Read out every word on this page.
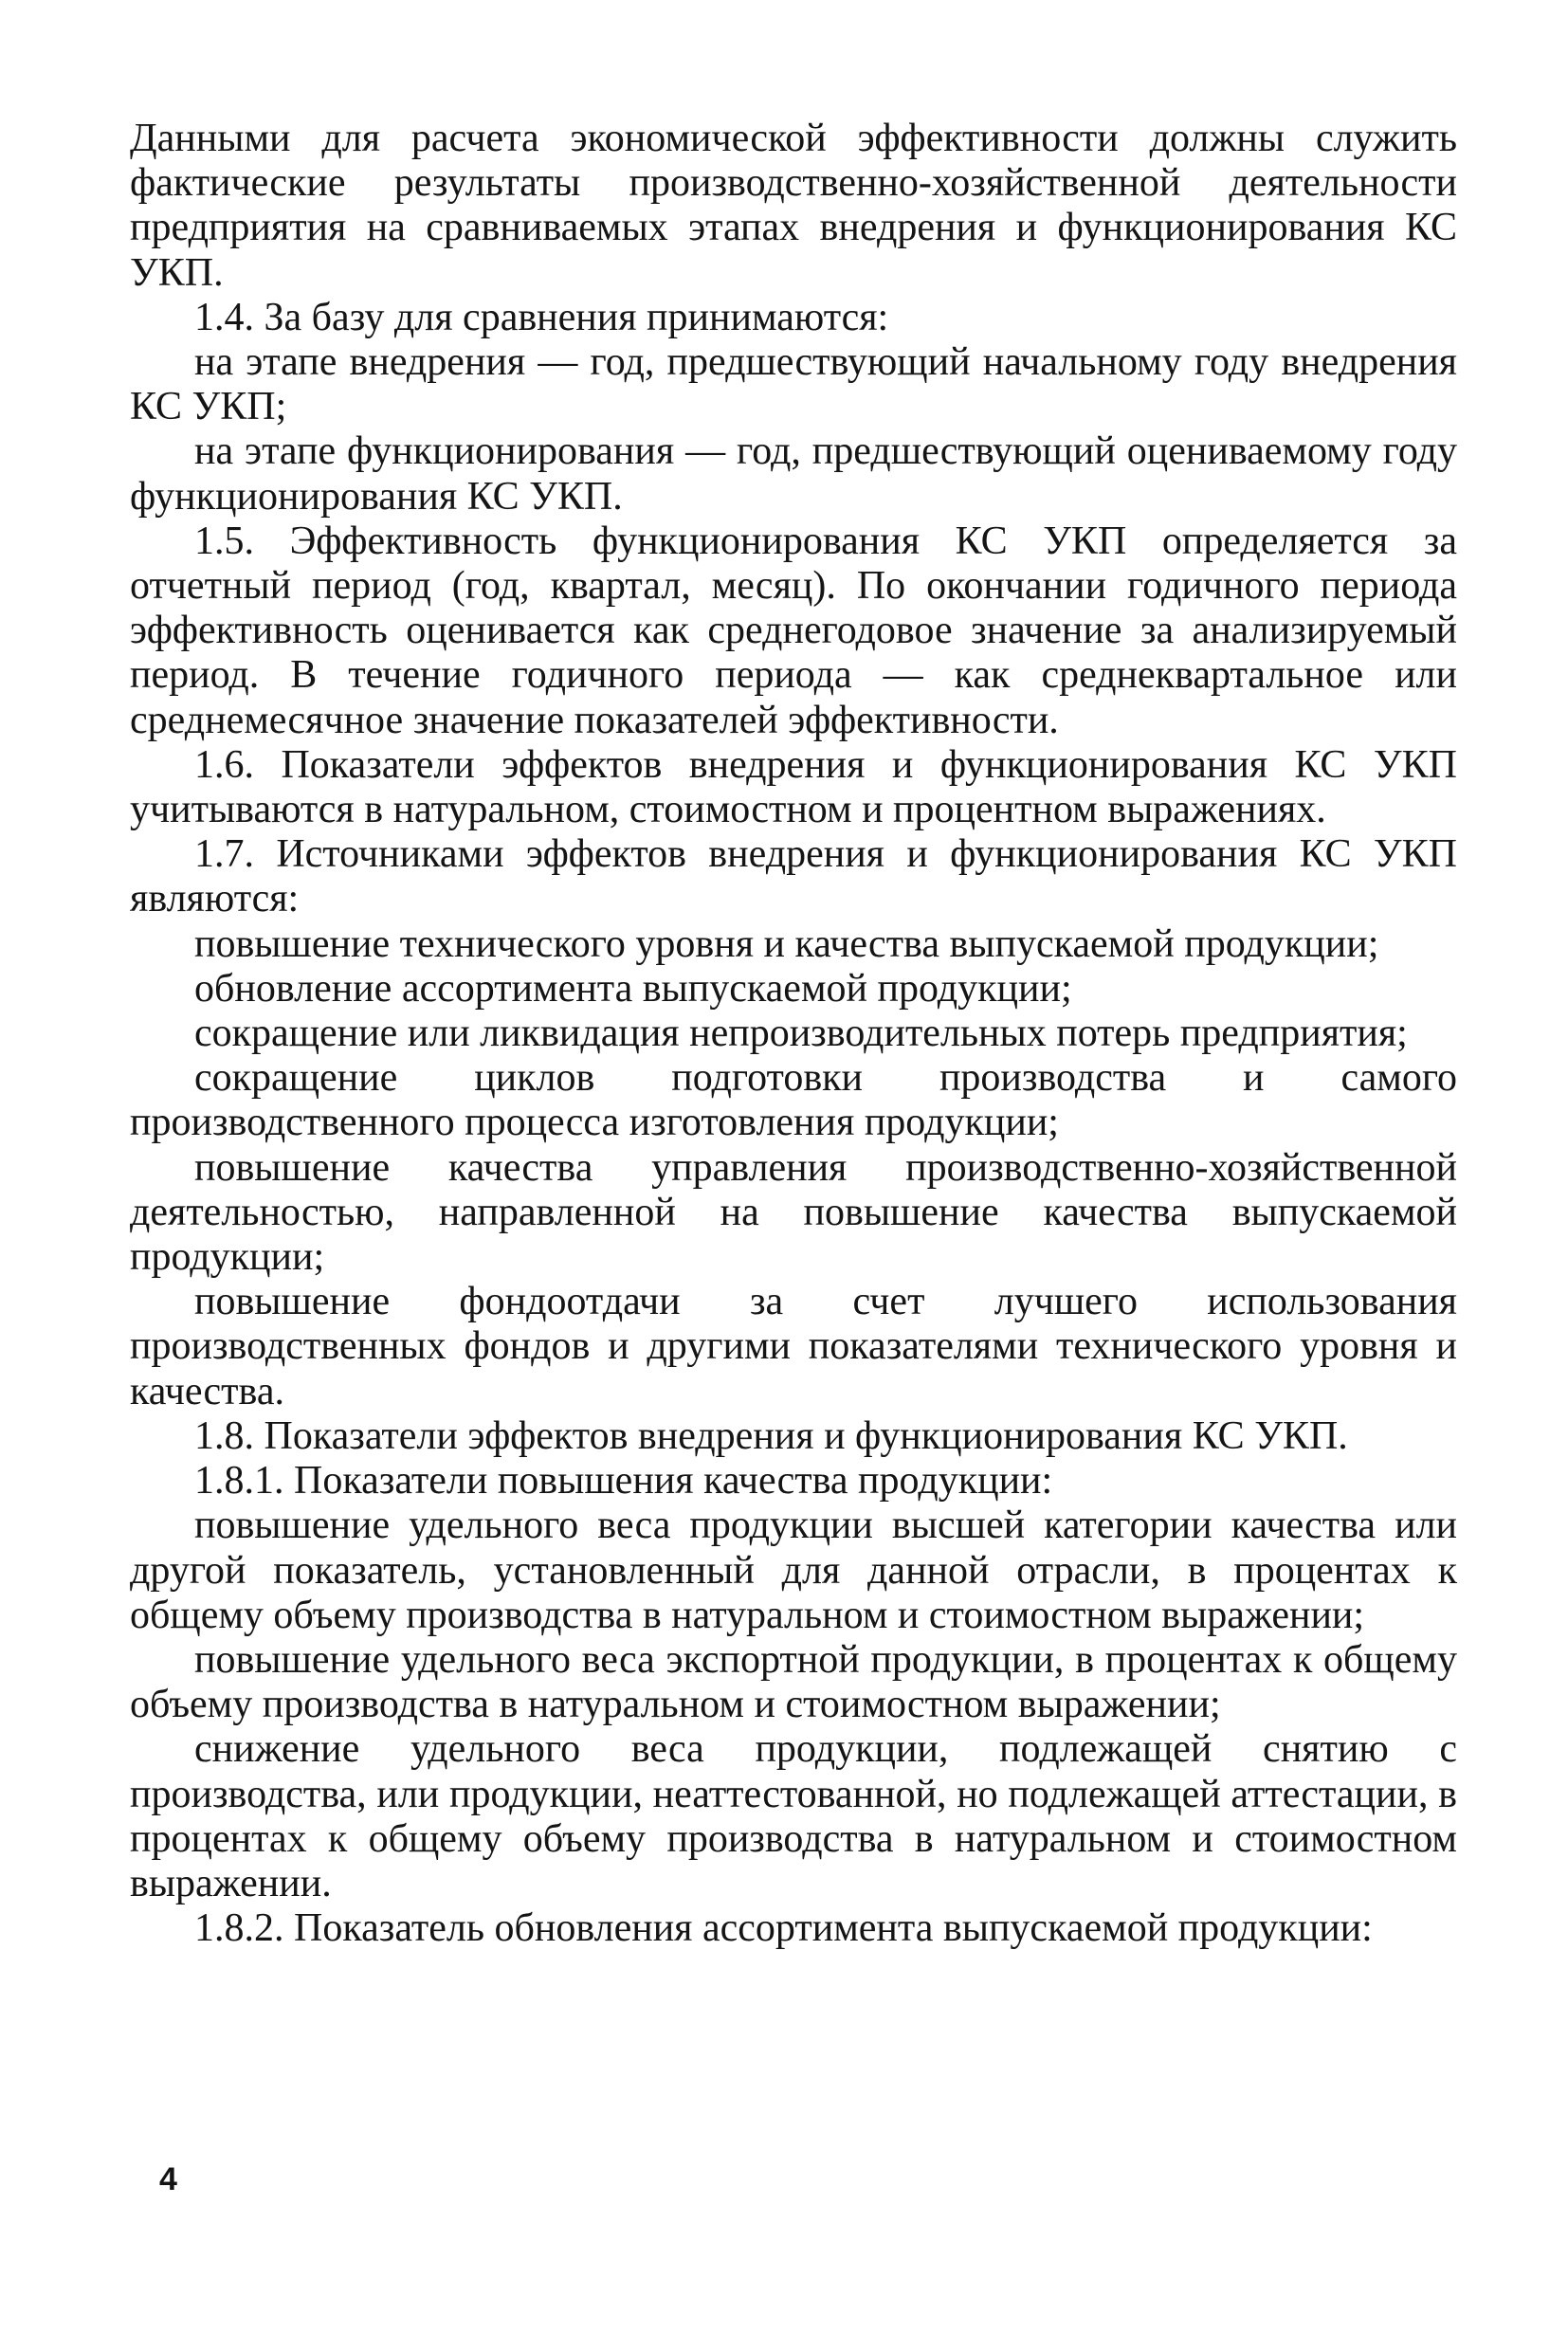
Данными для расчета экономической эффективности должны служить фактические результаты производственно-хозяйственной деятельности предприятия на сравниваемых этапах внедрения и функционирования КС УКП.

1.4. За базу для сравнения принимаются:

на этапе внедрения — год, предшествующий начальному году внедрения КС УКП;

на этапе функционирования — год, предшествующий оцениваемому году функционирования КС УКП.

1.5. Эффективность функционирования КС УКП определяется за отчетный период (год, квартал, месяц). По окончании годичного периода эффективность оценивается как среднегодовое значение за анализируемый период. В течение годичного периода — как среднеквартальное или среднемесячное значение показателей эффективности.

1.6. Показатели эффектов внедрения и функционирования КС УКП учитываются в натуральном, стоимостном и процентном выражениях.

1.7. Источниками эффектов внедрения и функционирования КС УКП являются:

повышение технического уровня и качества выпускаемой продукции;

обновление ассортимента выпускаемой продукции;

сокращение или ликвидация непроизводительных потерь предприятия;

сокращение циклов подготовки производства и самого производственного процесса изготовления продукции;

повышение качества управления производственно-хозяйственной деятельностью, направленной на повышение качества выпускаемой продукции;

повышение фондоотдачи за счет лучшего использования производственных фондов и другими показателями технического уровня и качества.

1.8. Показатели эффектов внедрения и функционирования КС УКП.

1.8.1. Показатели повышения качества продукции:

повышение удельного веса продукции высшей категории качества или другой показатель, установленный для данной отрасли, в процентах к общему объему производства в натуральном и стоимостном выражении;

повышение удельного веса экспортной продукции, в процентах к общему объему производства в натуральном и стоимостном выражении;

снижение удельного веса продукции, подлежащей снятию с производства, или продукции, неаттестованной, но подлежащей аттестации, в процентах к общему объему производства в натуральном и стоимостном выражении.

1.8.2. Показатель обновления ассортимента выпускаемой продукции:

4
